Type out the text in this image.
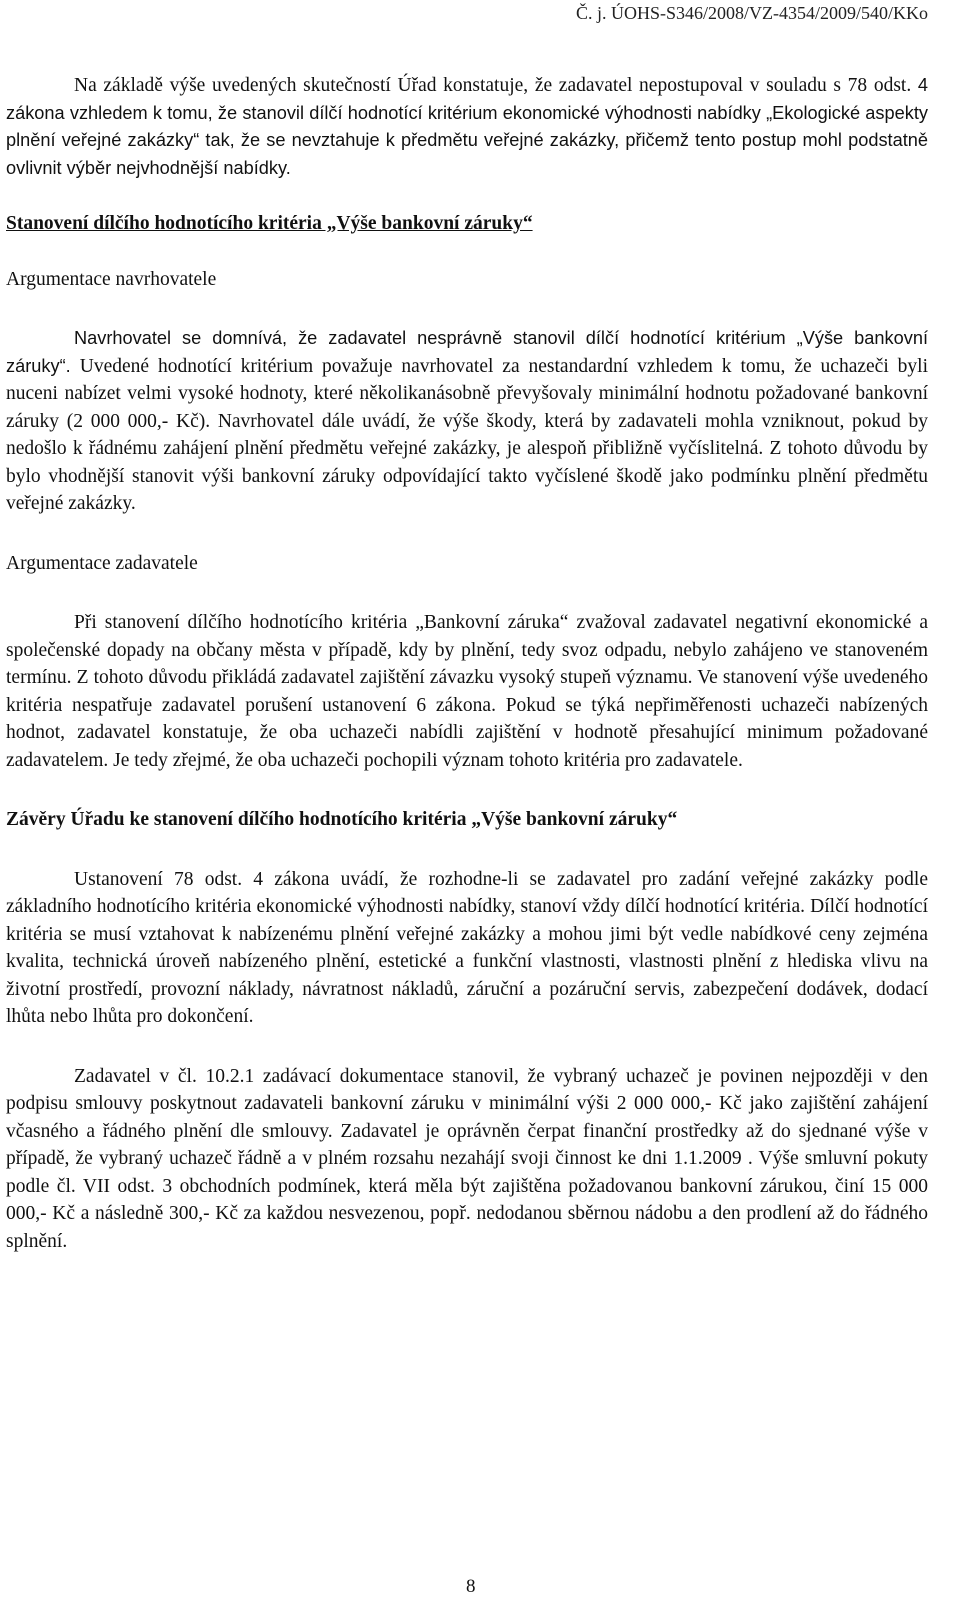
Č. j. ÚOHS-S346/2008/VZ-4354/2009/540/KKo

Na základě výše uvedených skutečností Úřad konstatuje, že zadavatel nepostupoval v souladu s 78 odst. 4 zákona vzhledem k tomu, že stanovil dílčí hodnotící kritérium ekonomické výhodnosti nabídky „Ekologické aspekty plnění veřejné zakázky“ tak, že se nevztahuje k předmětu veřejné zakázky, přičemž tento postup mohl podstatně ovlivnit výběr nejvhodnější nabídky.

Stanovení dílčího hodnotícího kritéria „Výše bankovní záruky“
Argumentace navrhovatele

Navrhovatel se domnívá, že zadavatel nesprávně stanovil dílčí hodnotící kritérium „Výše bankovní záruky“. Uvedené hodnotící kritérium považuje navrhovatel za nestandardní vzhledem k tomu, že uchazeči byli nuceni nabízet velmi vysoké hodnoty, které několikanásobně převyšovaly minimální hodnotu požadované bankovní záruky (2 000 000,- Kč). Navrhovatel dále uvádí, že výše škody, která by zadavateli mohla vzniknout, pokud by nedošlo k řádnému zahájení plnění předmětu veřejné zakázky, je alespoň přibližně vyčíslitelná. Z tohoto důvodu by bylo vhodnější stanovit výši bankovní záruky odpovídající takto vyčíslené škodě jako podmínku plnění předmětu veřejné zakázky.

Argumentace zadavatele

Při stanovení dílčího hodnotícího kritéria „Bankovní záruka“ zvažoval zadavatel negativní ekonomické a společenské dopady na občany města v případě, kdy by plnění, tedy svoz odpadu, nebylo zahájeno ve stanoveném termínu. Z tohoto důvodu přikládá zadavatel zajištění závazku vysoký stupeň významu. Ve stanovení výše uvedeného kritéria nespatřuje zadavatel porušení ustanovení 6 zákona. Pokud se týká nepřiměřenosti uchazeči nabízených hodnot, zadavatel konstatuje, že oba uchazeči nabídli zajištění v hodnotě přesahující minimum požadované zadavatelem. Je tedy zřejmé, že oba uchazeči pochopili význam tohoto kritéria pro zadavatele.

Závěry Úřadu ke stanovení dílčího hodnotícího kritéria „Výše bankovní záruky“

Ustanovení 78 odst. 4 zákona uvádí, že rozhodne-li se zadavatel pro zadání veřejné zakázky podle základního hodnotícího kritéria ekonomické výhodnosti nabídky, stanoví vždy dílčí hodnotící kritéria. Dílčí hodnotící kritéria se musí vztahovat k nabízenému plnění veřejné zakázky a mohou jimi být vedle nabídkové ceny zejména kvalita, technická úroveň nabízeného plnění, estetické a funkční vlastnosti, vlastnosti plnění z hlediska vlivu na životní prostředí, provozní náklady, návratnost nákladů, záruční a pozáruční servis, zabezpečení dodávek, dodací lhůta nebo lhůta pro dokončení.

Zadavatel v čl. 10.2.1 zadávací dokumentace stanovil, že vybraný uchazeč je povinen nejpozději v den podpisu smlouvy poskytnout zadavateli bankovní záruku v minimální výši 2 000 000,- Kč jako zajištění zahájení včasného a řádného plnění dle smlouvy. Zadavatel je oprávněn čerpat finanční prostředky až do sjednané výše v případě, že vybraný uchazeč řádně a v plném rozsahu nezahájí svoji činnost ke dni 1.1.2009 . Výše smluvní pokuty podle čl. VII odst. 3 obchodních podmínek, která měla být zajištěna požadovanou bankovní zárukou, činí 15 000 000,- Kč a následně 300,- Kč za každou nesvezenou, popř. nedodanou sběrnou nádobu a den prodlení až do řádného splnění.

8
